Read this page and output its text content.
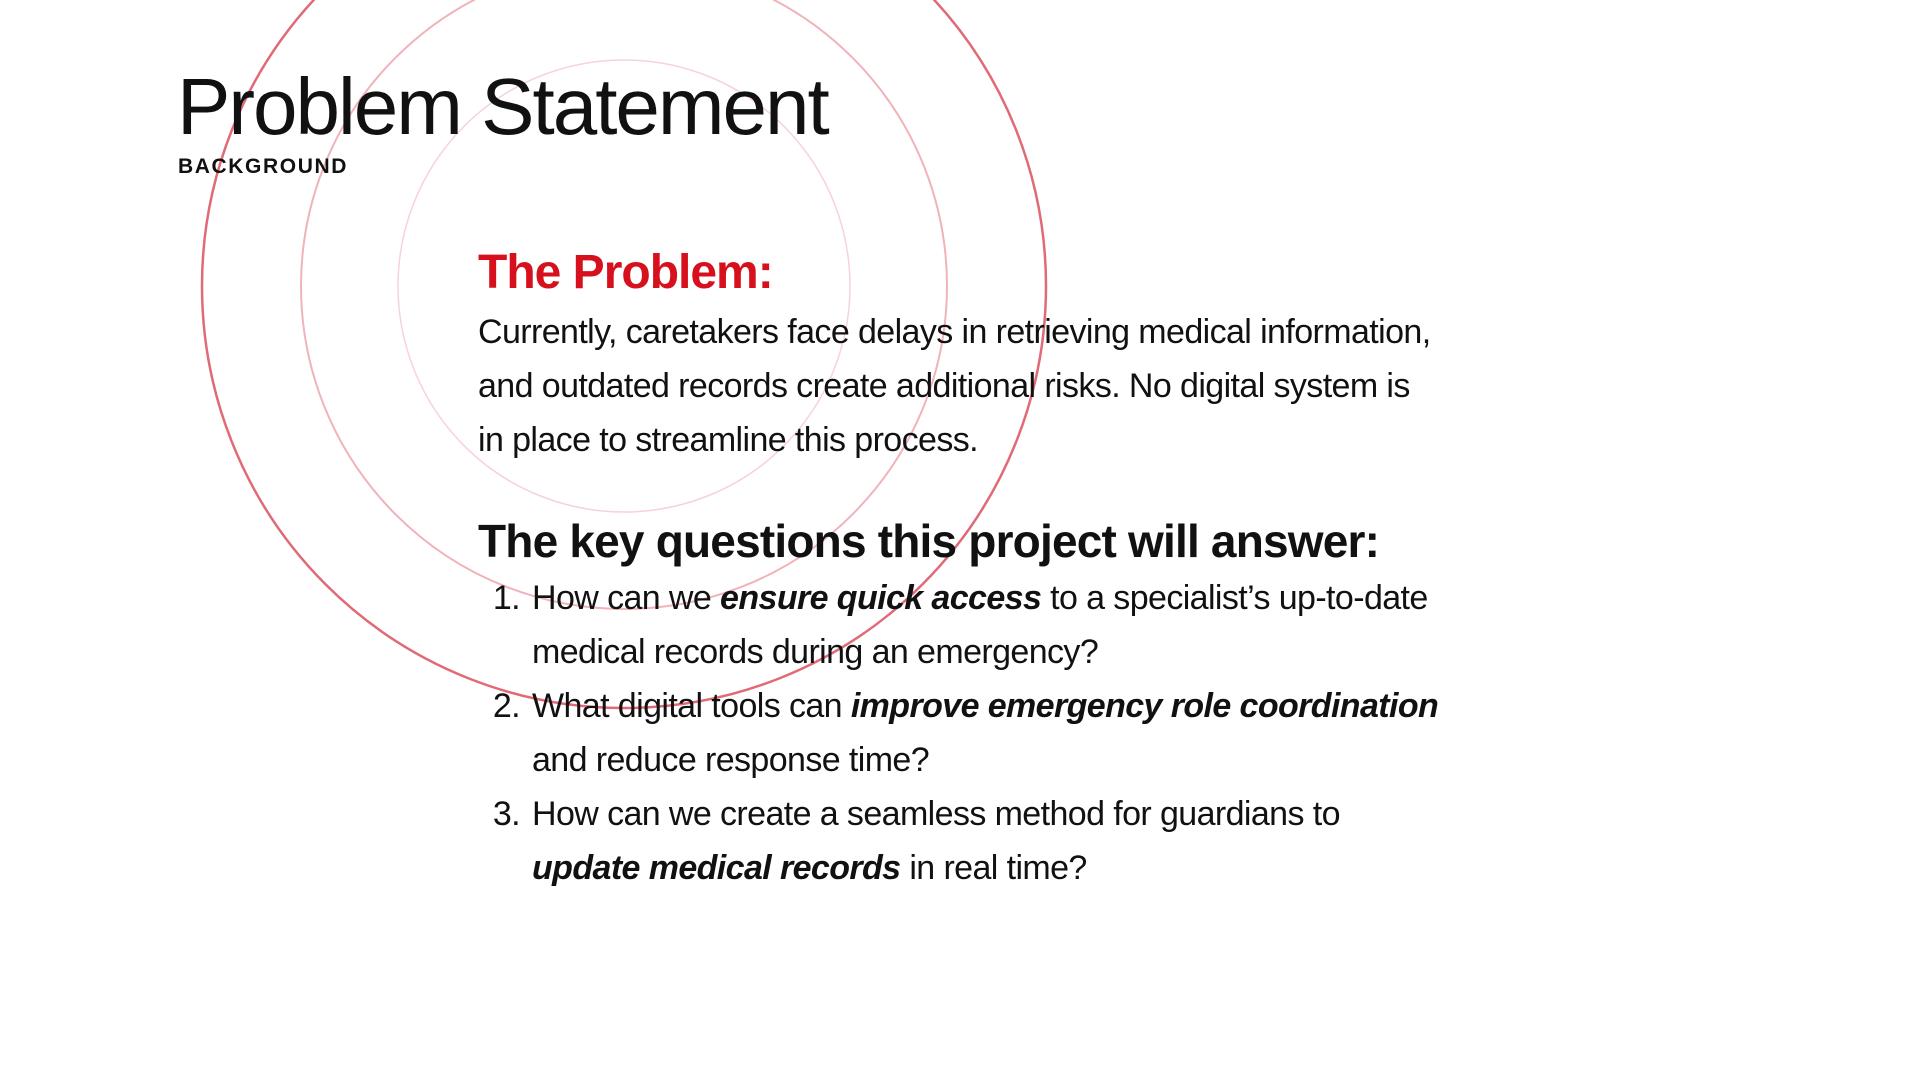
Problem Statement
BACKGROUND
The Problem:

Currently, caretakers face delays in retrieving medical information, and outdated records create additional risks. No digital system is in place to streamline this process.

The key questions this project will answer:
1. How can we ensure quick access to a specialist’s up-to-date medical records during an emergency?
2. What digital tools can improve emergency role coordination and reduce response time?
3. How can we create a seamless method for guardians to update medical records in real time?
